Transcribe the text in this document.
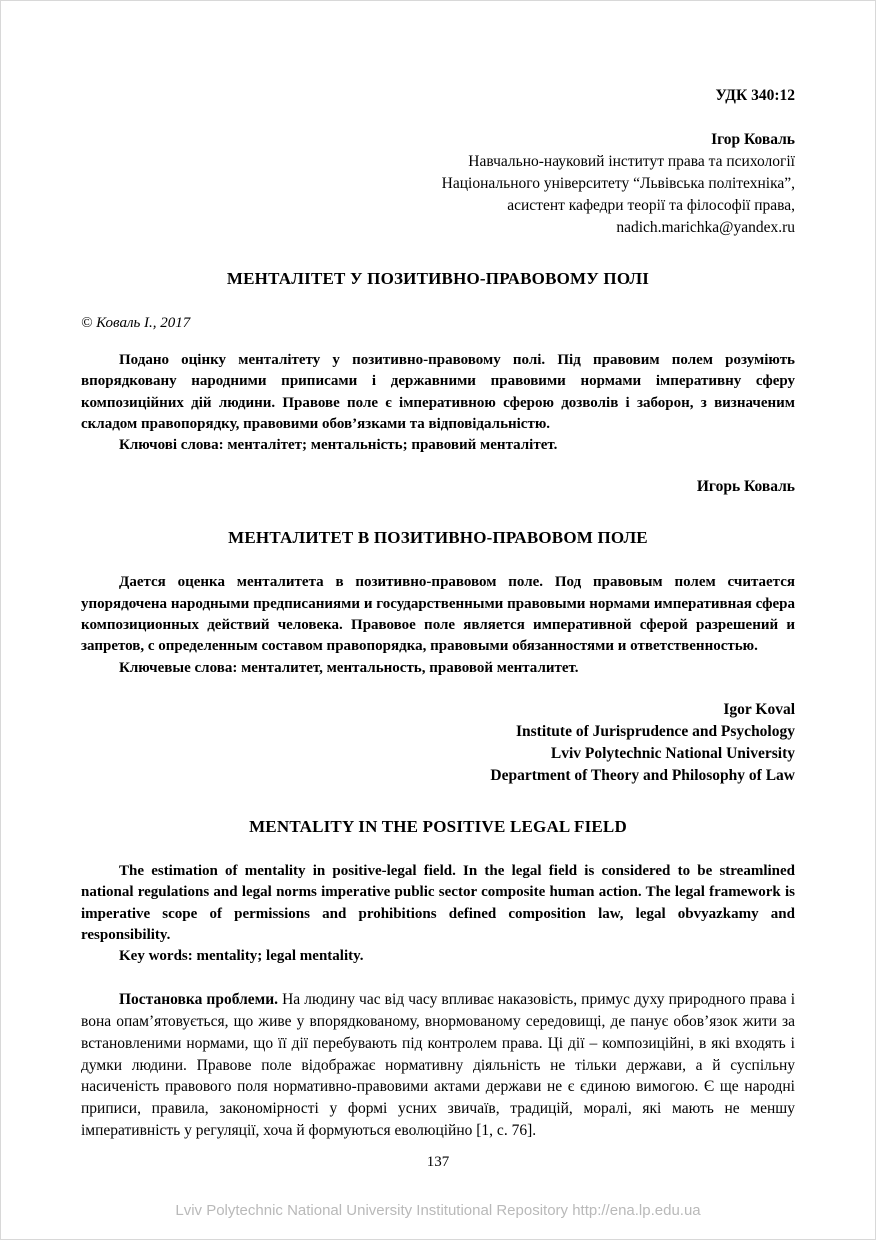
УДК 340:12
Ігор Коваль
Навчально-науковий інститут права та психології
Національного університету “Львівська політехніка”,
асистент кафедри теорії та філософії права,
nadich.marichka@yandex.ru
МЕНТАЛІТЕТ У ПОЗИТИВНО-ПРАВОВОМУ ПОЛІ
© Коваль І., 2017

Подано оцінку менталітету у позитивно-правовому полі. Під правовим полем розуміють впорядковану народними приписами і державними правовими нормами імперативну сферу композиційних дій людини. Правове поле є імперативною сферою дозволів і заборон, з визначеним складом правопорядку, правовими обов’язками та відповідальністю.

Ключові слова: менталітет; ментальність; правовий менталітет.

Игорь Коваль
МЕНТАЛИТЕТ В ПОЗИТИВНО-ПРАВОВОМ ПОЛЕ

Дается оценка менталитета в позитивно-правовом поле. Под правовым полем считается упорядочена народными предписаниями и государственными правовыми нормами императивная сфера композиционных действий человека. Правовое поле является императивной сферой разрешений и запретов, с определенным составом правопорядка, правовыми обязанностями и ответственностью.

Ключевые слова: менталитет, ментальность, правовой менталитет.

Igor Koval
Institute of Jurisprudence and Psychology
Lviv Polytechnic National University
Department of Theory and Philosophy of Law
MENTALITY IN THE POSITIVE LEGAL FIELD

The estimation of mentality in positive-legal field. In the legal field is considered to be streamlined national regulations and legal norms imperative public sector composite human action. The legal framework is imperative scope of permissions and prohibitions defined composition law, legal obvyazkamy and responsibility.

Key words: mentality; legal mentality.

Постановка проблеми. На людину час від часу впливає наказовість, примус духу природного права і вона опам’ятовується, що живе у впорядкованому, внормованому середовищі, де панує обов’язок жити за встановленими нормами, що її дії перебувають під контролем права. Ці дії – композиційні, в які входять і думки людини. Правове поле відображає нормативну діяльність не тільки держави, а й суспільну насиченість правового поля нормативно-правовими актами держави не є єдиною вимогою. Є ще народні приписи, правила, закономірності у формі усних звичаїв, традицій, моралі, які мають не меншу імперативність у регуляції, хоча й формуються еволюційно [1, с. 76].

137
Lviv Polytechnic National University Institutional Repository http://ena.lp.edu.ua
